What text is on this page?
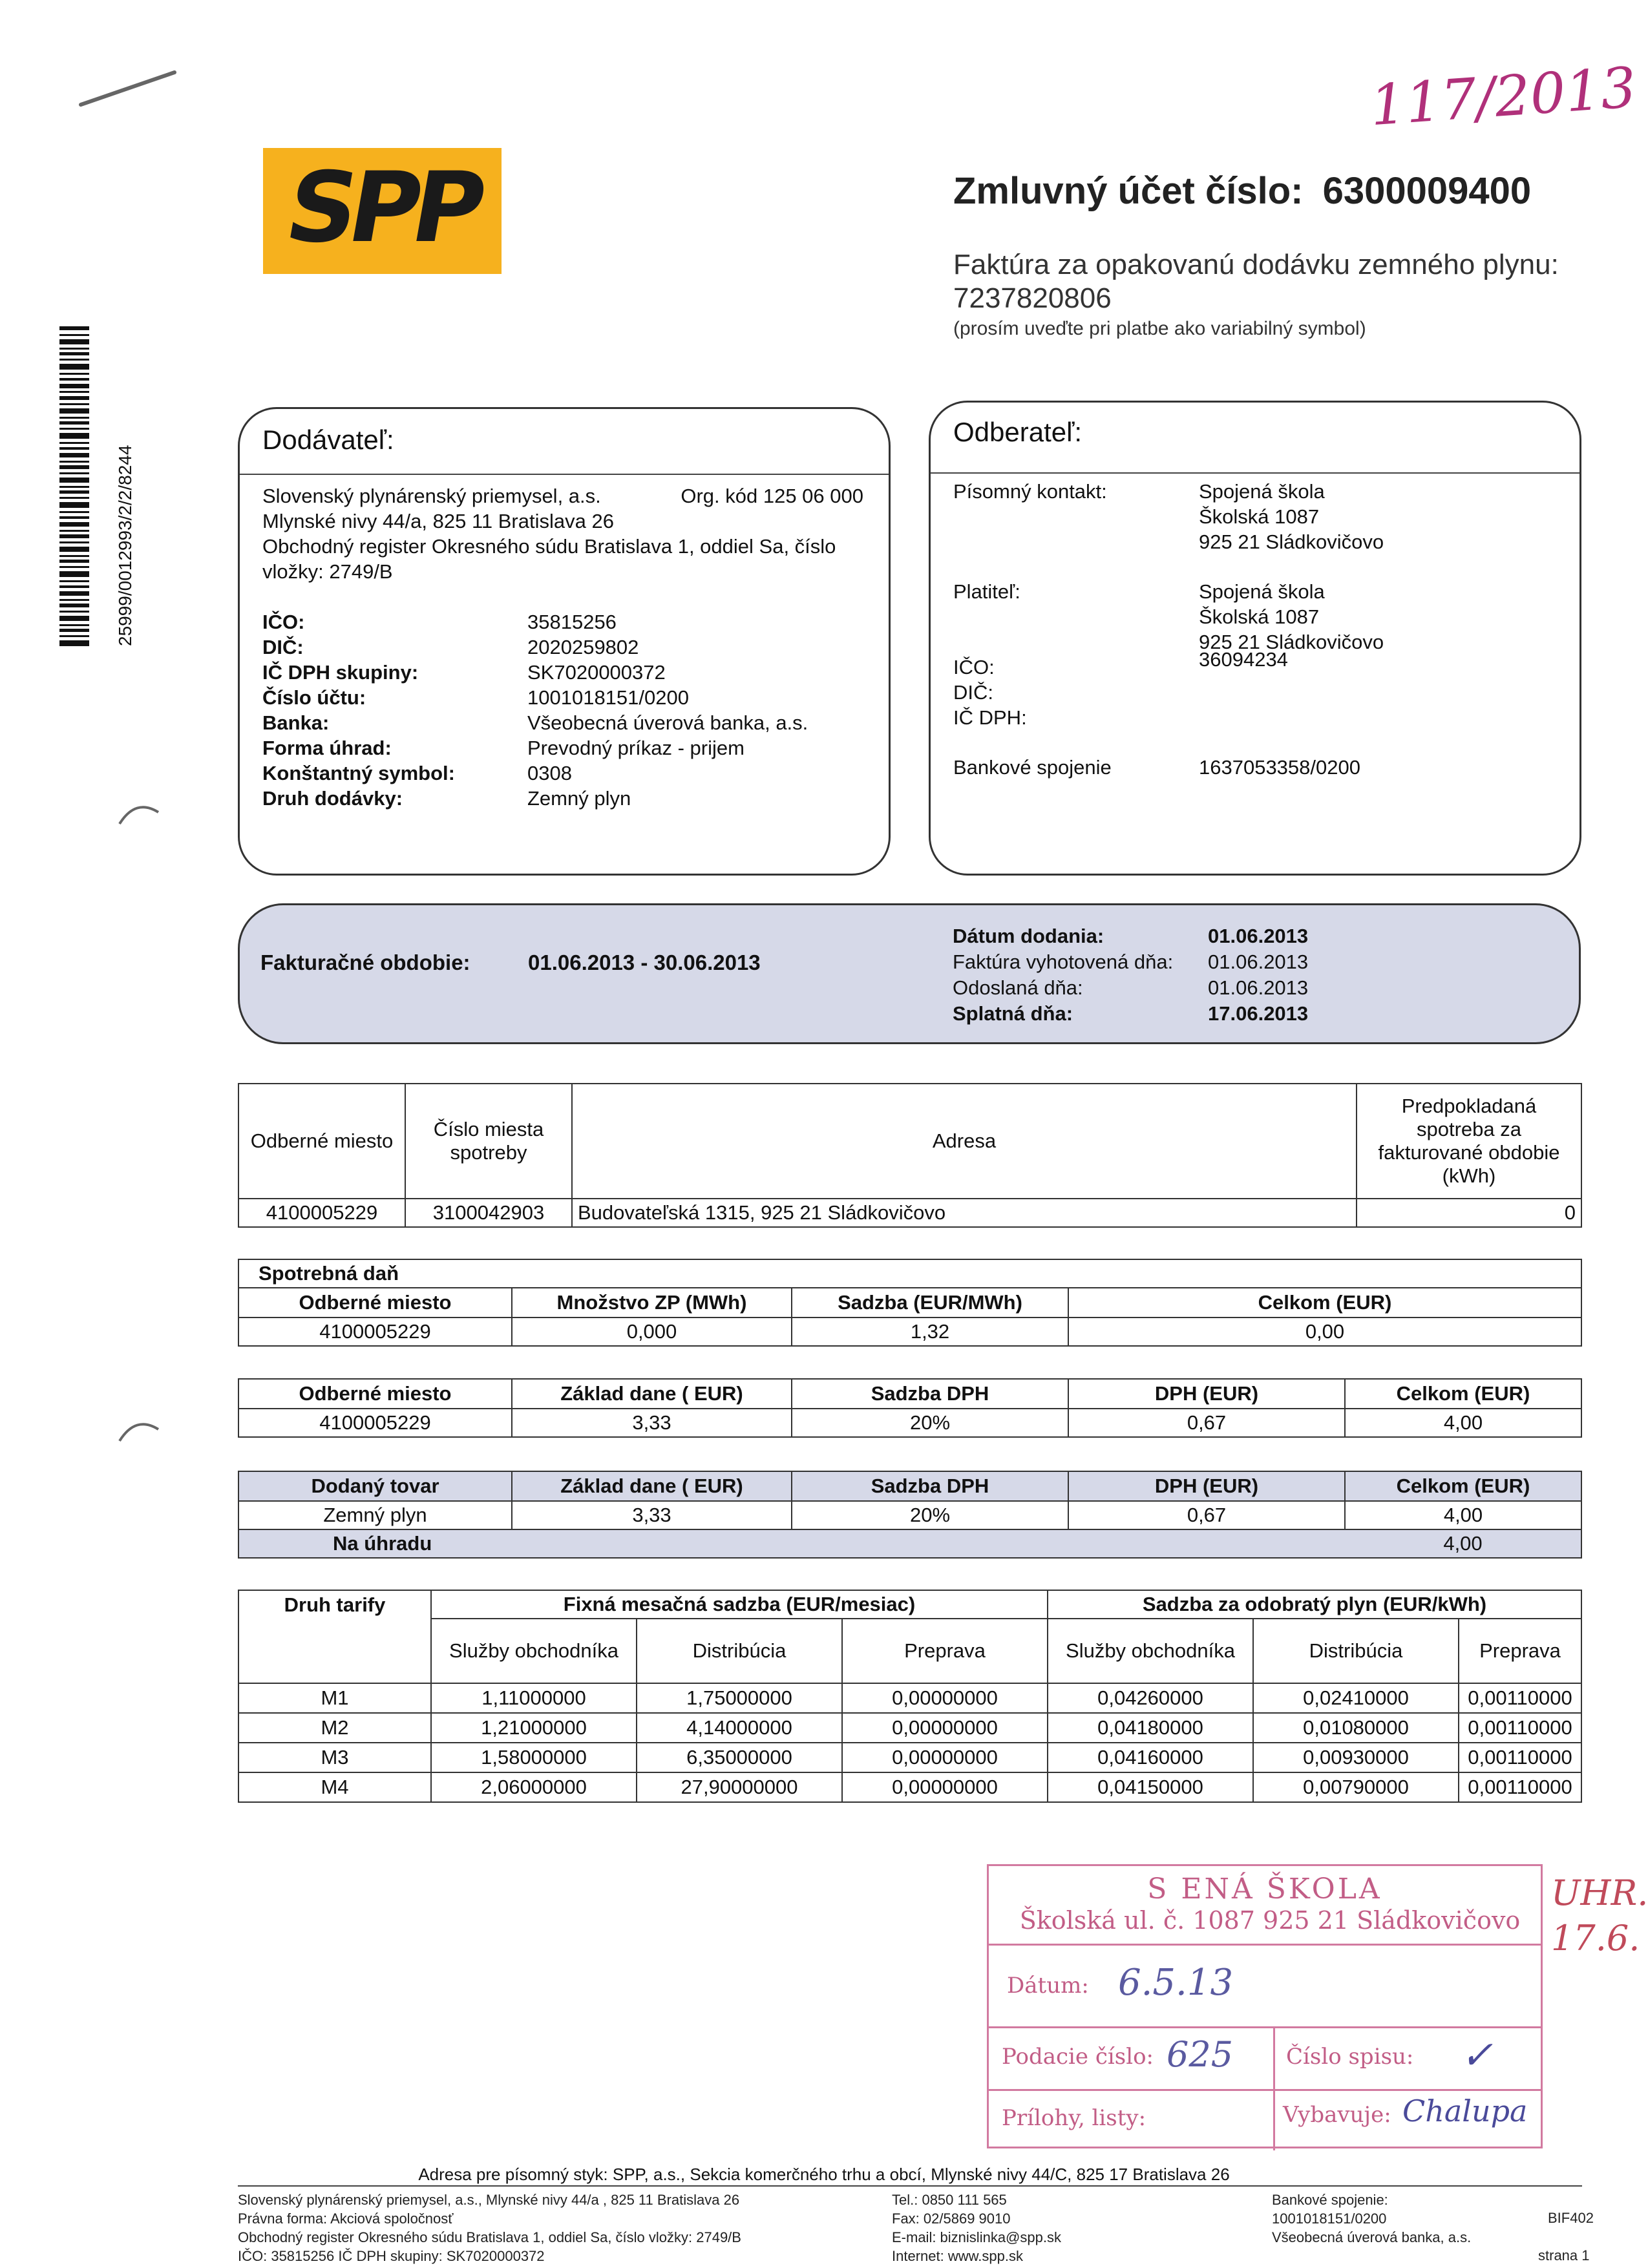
117/2013
SPP
25999/0012993/2/2/8244
Zmluvný účet číslo: 6300009400
Faktúra za opakovanú dodávku zemného plynu:
7237820806
(prosím uveďte pri platbe ako variabilný symbol)
Dodávateľ:
Slovenský plynárenský priemysel, a.s.	Org. kód 125 06 000
Mlynské nivy 44/a, 825 11 Bratislava 26
Obchodný register Okresného súdu Bratislava 1, oddiel Sa, číslo
vložky: 2749/B
IČO:	35815256
DIČ:	2020259802
IČ DPH skupiny:	SK7020000372
Číslo účtu:	1001018151/0200
Banka:	Všeobecná úverová banka, a.s.
Forma úhrad:	Prevodný príkaz - prijem
Konštantný symbol:	0308
Druh dodávky:	Zemný plyn
Odberateľ:
Písomný kontakt:	Spojená škola
Školská 1087
925 21 Sládkovičovo
Platiteľ:	Spojená škola
Školská 1087
925 21 Sládkovičovo
IČO:	36094234
DIČ:
IČ DPH:
Bankové spojenie	1637053358/0200
Fakturačné obdobie:	01.06.2013 - 30.06.2013
Dátum dodania:	01.06.2013
Faktúra vyhotovená dňa:	01.06.2013
Odoslaná dňa:	01.06.2013
Splatná dňa:	17.06.2013
Odberné miesto	Číslo miesta spotreby	Adresa	Predpokladaná spotreba za fakturované obdobie (kWh)
4100005229	3100042903	Budovateľská 1315, 925 21 Sládkovičovo	0
Spotrebná daň			
Odberné miesto	Množstvo ZP (MWh)	Sadzba (EUR/MWh)	Celkom (EUR)
4100005229	0,000	1,32	0,00
Odberné miesto	Základ dane ( EUR)	Sadzba DPH	DPH (EUR)	Celkom (EUR)
4100005229	3,33	20%	0,67	4,00
Dodaný tovar	Základ dane ( EUR)	Sadzba DPH	DPH (EUR)	Celkom (EUR)
Zemný plyn	3,33	20%	0,67	4,00
Na úhradu				4,00
Druh tarify	Fixná mesačná sadzba (EUR/mesiac)			Sadzba za odobratý plyn (EUR/kWh)		
	Služby obchodníka	Distribúcia	Preprava	Služby obchodníka	Distribúcia	Preprava
M1	1,11000000	1,75000000	0,00000000	0,04260000	0,02410000	0,00110000
M2	1,21000000	4,14000000	0,00000000	0,04180000	0,01080000	0,00110000
M3	1,58000000	6,35000000	0,00000000	0,04160000	0,00930000	0,00110000
M4	2,06000000	27,90000000	0,00000000	0,04150000	0,00790000	0,00110000
S ENÁ ŠKOLA
Školská ul. č. 1087 925 21 Sládkovičovo
Dátum: 6.5.13
Podacie číslo: 625 Číslo spisu: ✓
Prílohy, listy:	Vybavuje: Chalupa
UHR.
17.6.
Adresa pre písomný styk: SPP, a.s., Sekcia komerčného trhu a obcí, Mlynské nivy 44/C, 825 17 Bratislava 26
Slovenský plynárenský priemysel, a.s., Mlynské nivy 44/a , 825 11 Bratislava 26
Právna forma: Akciová spoločnosť
Obchodný register Okresného súdu Bratislava 1, oddiel Sa, číslo vložky: 2749/B
IČO: 35815256 IČ DPH skupiny: SK7020000372
Tel.: 0850 111 565
Fax: 02/5869 9010
E-mail: biznislinka@spp.sk
Internet: www.spp.sk
Bankové spojenie:
1001018151/0200
Všeobecná úverová banka, a.s.
BIF402
strana 1
